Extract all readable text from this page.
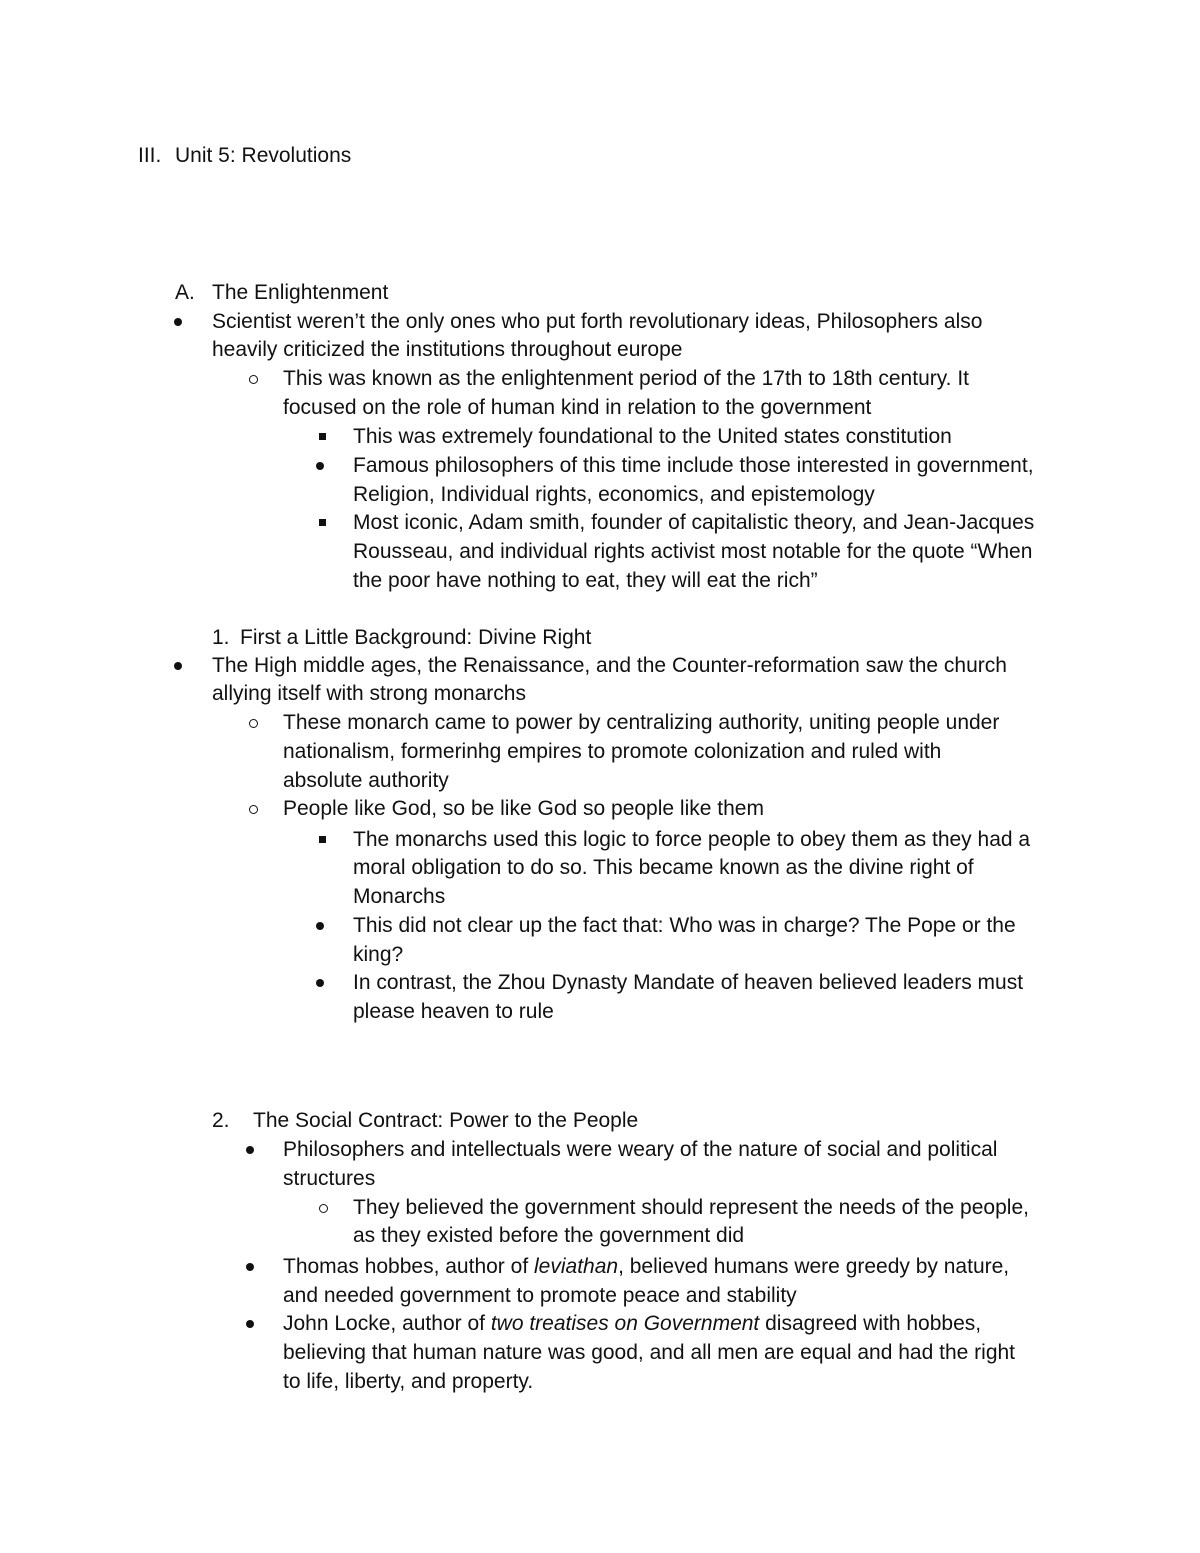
III. Unit 5: Revolutions
A. The Enlightenment
Scientist weren’t the only ones who put forth revolutionary ideas, Philosophers also
heavily criticized the institutions throughout europe
This was known as the enlightenment period of the 17th to 18th century. It
focused on the role of human kind in relation to the government
This was extremely foundational to the United states constitution
Famous philosophers of this time include those interested in government,
Religion, Individual rights, economics, and epistemology
Most iconic, Adam smith, founder of capitalistic theory, and Jean-Jacques
Rousseau, and individual rights activist most notable for the quote “When
the poor have nothing to eat, they will eat the rich”
1. First a Little Background: Divine Right
The High middle ages, the Renaissance, and the Counter-reformation saw the church
allying itself with strong monarchs
These monarch came to power by centralizing authority, uniting people under
nationalism, formerinhg empires to promote colonization and ruled with
absolute authority
People like God, so be like God so people like them
The monarchs used this logic to force people to obey them as they had a
moral obligation to do so. This became known as the divine right of
Monarchs
This did not clear up the fact that: Who was in charge? The Pope or the
king?
In contrast, the Zhou Dynasty Mandate of heaven believed leaders must
please heaven to rule
2. The Social Contract: Power to the People
Philosophers and intellectuals were weary of the nature of social and political
structures
They believed the government should represent the needs of the people,
as they existed before the government did
Thomas hobbes, author of leviathan, believed humans were greedy by nature,
and needed government to promote peace and stability
John Locke, author of two treatises on Government disagreed with hobbes,
believing that human nature was good, and all men are equal and had the right
to life, liberty, and property.
